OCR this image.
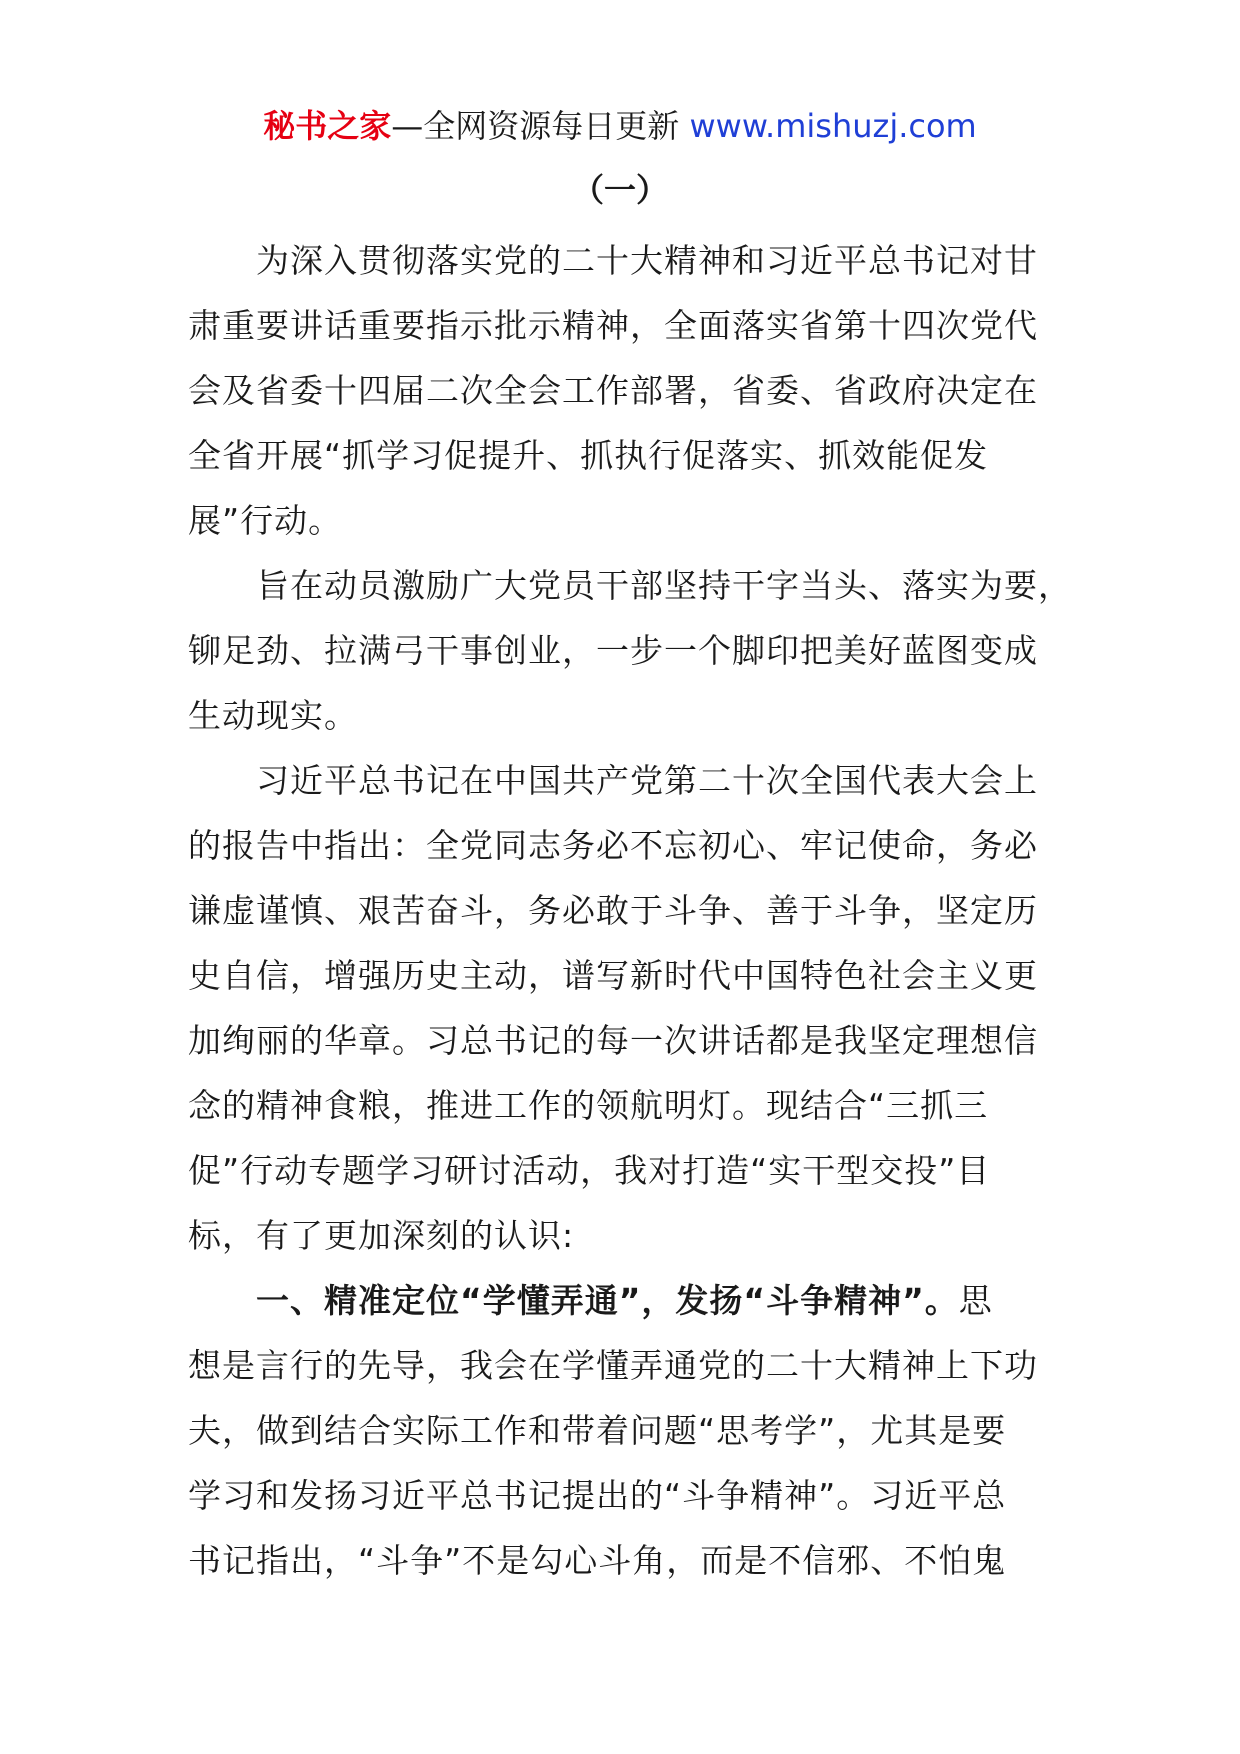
秘书之家—全网资源每日更新 www.mishuzj.com
（一）
为深入贯彻落实党的二十大精神和习近平总书记对甘
肃重要讲话重要指示批示精神，全面落实省第十四次党代
会及省委十四届二次全会工作部署，省委、省政府决定在
全省开展“抓学习促提升、抓执行促落实、抓效能促发
展”行动。
旨在动员激励广大党员干部坚持干字当头、落实为要，
铆足劲、拉满弓干事创业，一步一个脚印把美好蓝图变成
生动现实。
习近平总书记在中国共产党第二十次全国代表大会上
的报告中指出：全党同志务必不忘初心、牢记使命，务必
谦虚谨慎、艰苦奋斗，务必敢于斗争、善于斗争，坚定历
史自信，增强历史主动，谱写新时代中国特色社会主义更
加绚丽的华章。习总书记的每一次讲话都是我坚定理想信
念的精神食粮，推进工作的领航明灯。现结合“三抓三
促”行动专题学习研讨活动，我对打造“实干型交投”目
标，有了更加深刻的认识:
一、精准定位“学懂弄通”，发扬“斗争精神”。思
想是言行的先导，我会在学懂弄通党的二十大精神上下功
夫，做到结合实际工作和带着问题“思考学”，尤其是要
学习和发扬习近平总书记提出的“斗争精神”。习近平总
书记指出，“斗争”不是勾心斗角，而是不信邪、不怕鬼
